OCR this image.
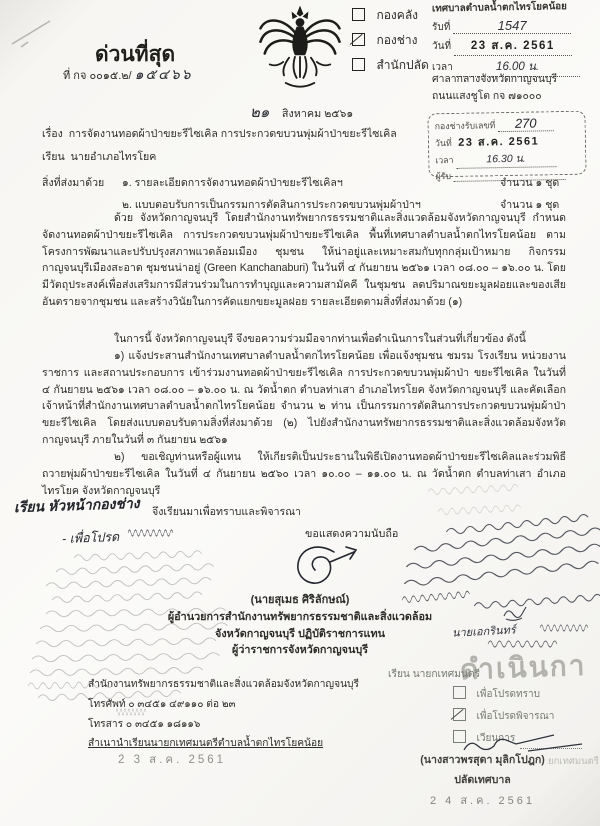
ด่วนที่สุด
ที่ กจ ๐๐๑๕.๒/ ๑๕๔๖๖
กองคลัง

กองช่าง
สำนักปลัด
เทศบาลตำบลน้ำตกไทรโยคน้อย
รับที่	1547
วันที่ 23 ส.ค. 2561
เวลา	16.00 น.
ศาลากลางจังหวัดกาญจนบุรี
ถนนแสงชูโต กจ ๗๑๐๐๐
๒๑ สิงหาคม ๒๕๖๑
กองช่างรับเลขที่ 270
วันที่ 23 ส.ค. 2561
เวลา	16.30 น.
ผู้รับ
เรื่อง การจัดงานทอดผ้าป่าขยะรีไซเคิล การประกวดขบวนพุ่มผ้าป่าขยะรีไซเคิล
เรียน นายอำเภอไทรโยค
สิ่งที่ส่งมาด้วย ๑. รายละเอียดการจัดงานทอดผ้าป่าขยะรีไซเคิลฯ	จำนวน ๑ ชุด
๒. แบบตอบรับการเป็นกรรมการตัดสินการประกวดขบวนพุ่มผ้าป่าฯ	จำนวน ๑ ชุด
ด้วย จังหวัดกาญจนบุรี โดยสำนักงานทรัพยากรธรรมชาติและสิ่งแวดล้อมจังหวัดกาญจนบุรี กำหนดจัดงานทอดผ้าป่าขยะรีไซเคิล การประกวดขบวนพุ่มผ้าป่าขยะรีไซเคิล พื้นที่เทศบาลตำบลน้ำตกไทรโยคน้อย ตามโครงการพัฒนาและปรับปรุงสภาพแวดล้อมเมือง ชุมชน ให้น่าอยู่และเหมาะสมกับทุกกลุ่มเป้าหมาย กิจกรรมกาญจนบุรีเมืองสะอาด ชุมชนน่าอยู่ (Green Kanchanaburi) ในวันที่ ๔ กันยายน ๒๕๖๑ เวลา ๐๘.๐๐ – ๑๖.๐๐ น. โดยมีวัตถุประสงค์เพื่อส่งเสริมการมีส่วนร่วมในการทำบุญและความสามัคคี ในชุมชน ลดปริมาณขยะมูลฝอยและของเสียอันตรายจากชุมชน และสร้างวินัยในการคัดแยกขยะมูลฝอย รายละเอียดตามสิ่งที่ส่งมาด้วย (๑)
ในการนี้ จังหวัดกาญจนบุรี จึงขอความร่วมมือจากท่านเพื่อดำเนินการในส่วนที่เกี่ยวข้อง ดังนี้
๑) แจ้งประสานสำนักงานเทศบาลตำบลน้ำตกไทรโยคน้อย เพื่อแจ้งชุมชน ชมรม โรงเรียน หน่วยงานราชการ และสถานประกอบการ เข้าร่วมงานทอดผ้าป่าขยะรีไซเคิล การประกวดขบวนพุ่มผ้าป่า ขยะรีไซเคิล ในวันที่ ๔ กันยายน ๒๕๖๑ เวลา ๐๘.๐๐ – ๑๖.๐๐ น. ณ วัดน้ำตก ตำบลท่าเสา อำเภอไทรโยค จังหวัดกาญจนบุรี และคัดเลือกเจ้าหน้าที่สำนักงานเทศบาลตำบลน้ำตกไทรโยคน้อย จำนวน ๒ ท่าน เป็นกรรมการตัดสินการประกวดขบวนพุ่มผ้าป่าขยะรีไซเคิล โดยส่งแบบตอบรับตามสิ่งที่ส่งมาด้วย (๒) ไปยังสำนักงานทรัพยากรธรรมชาติและสิ่งแวดล้อมจังหวัดกาญจนบุรี ภายในวันที่ ๓ กันยายน ๒๕๖๑
๒) ขอเชิญท่านหรือผู้แทน ให้เกียรติเป็นประธานในพิธีเปิดงานทอดผ้าป่าขยะรีไซเคิลและร่วมพิธี ถวายพุ่มผ้าป่าขยะรีไซเคิล ในวันที่ ๔ กันยายน ๒๕๖๐ เวลา ๑๐.๐๐ – ๑๑.๐๐ น. ณ วัดน้ำตก ตำบลท่าเสา อำเภอไทรโยค จังหวัดกาญจนบุรี
จึงเรียนมาเพื่อทราบและพิจารณา
เรียน หัวหน้ากองช่าง
- เพื่อโปรด	ขอแสดงความนับถือ
(นายสุเมธ ศิริลักษณ์)
ผู้อำนวยการสำนักงานทรัพยากรธรรมชาติและสิ่งแวดล้อม
จังหวัดกาญจนบุรี ปฏิบัติราชการแทน
ผู้ว่าราชการจังหวัดกาญจนบุรี
นายเอกรินทร์
ดำเนินกา
สำนักงานทรัพยากรธรรมชาติและสิ่งแวดล้อมจังหวัดกาญจนบุรี
โทรศัพท์ ๐ ๓๔๕๑ ๔๙๑๑๐ ต่อ ๒๓
โทรสาร ๐ ๓๔๕๑ ๑๘๑๑๖
สำเนานำเรียนนายกเทศมนตรีตำบลน้ำตกไทรโยคน้อย
2 3 ส.ค. 2561
เรียน นายกเทศมนตรี
เพื่อโปรดทราบ

เพื่อโปรดพิจารณา
เวียนการ
ยกเทศมนตรี
(นางสาวพรสุดา มุลิกโปฎก)
ปลัดเทศบาล
2 4 ส.ค. 2561
